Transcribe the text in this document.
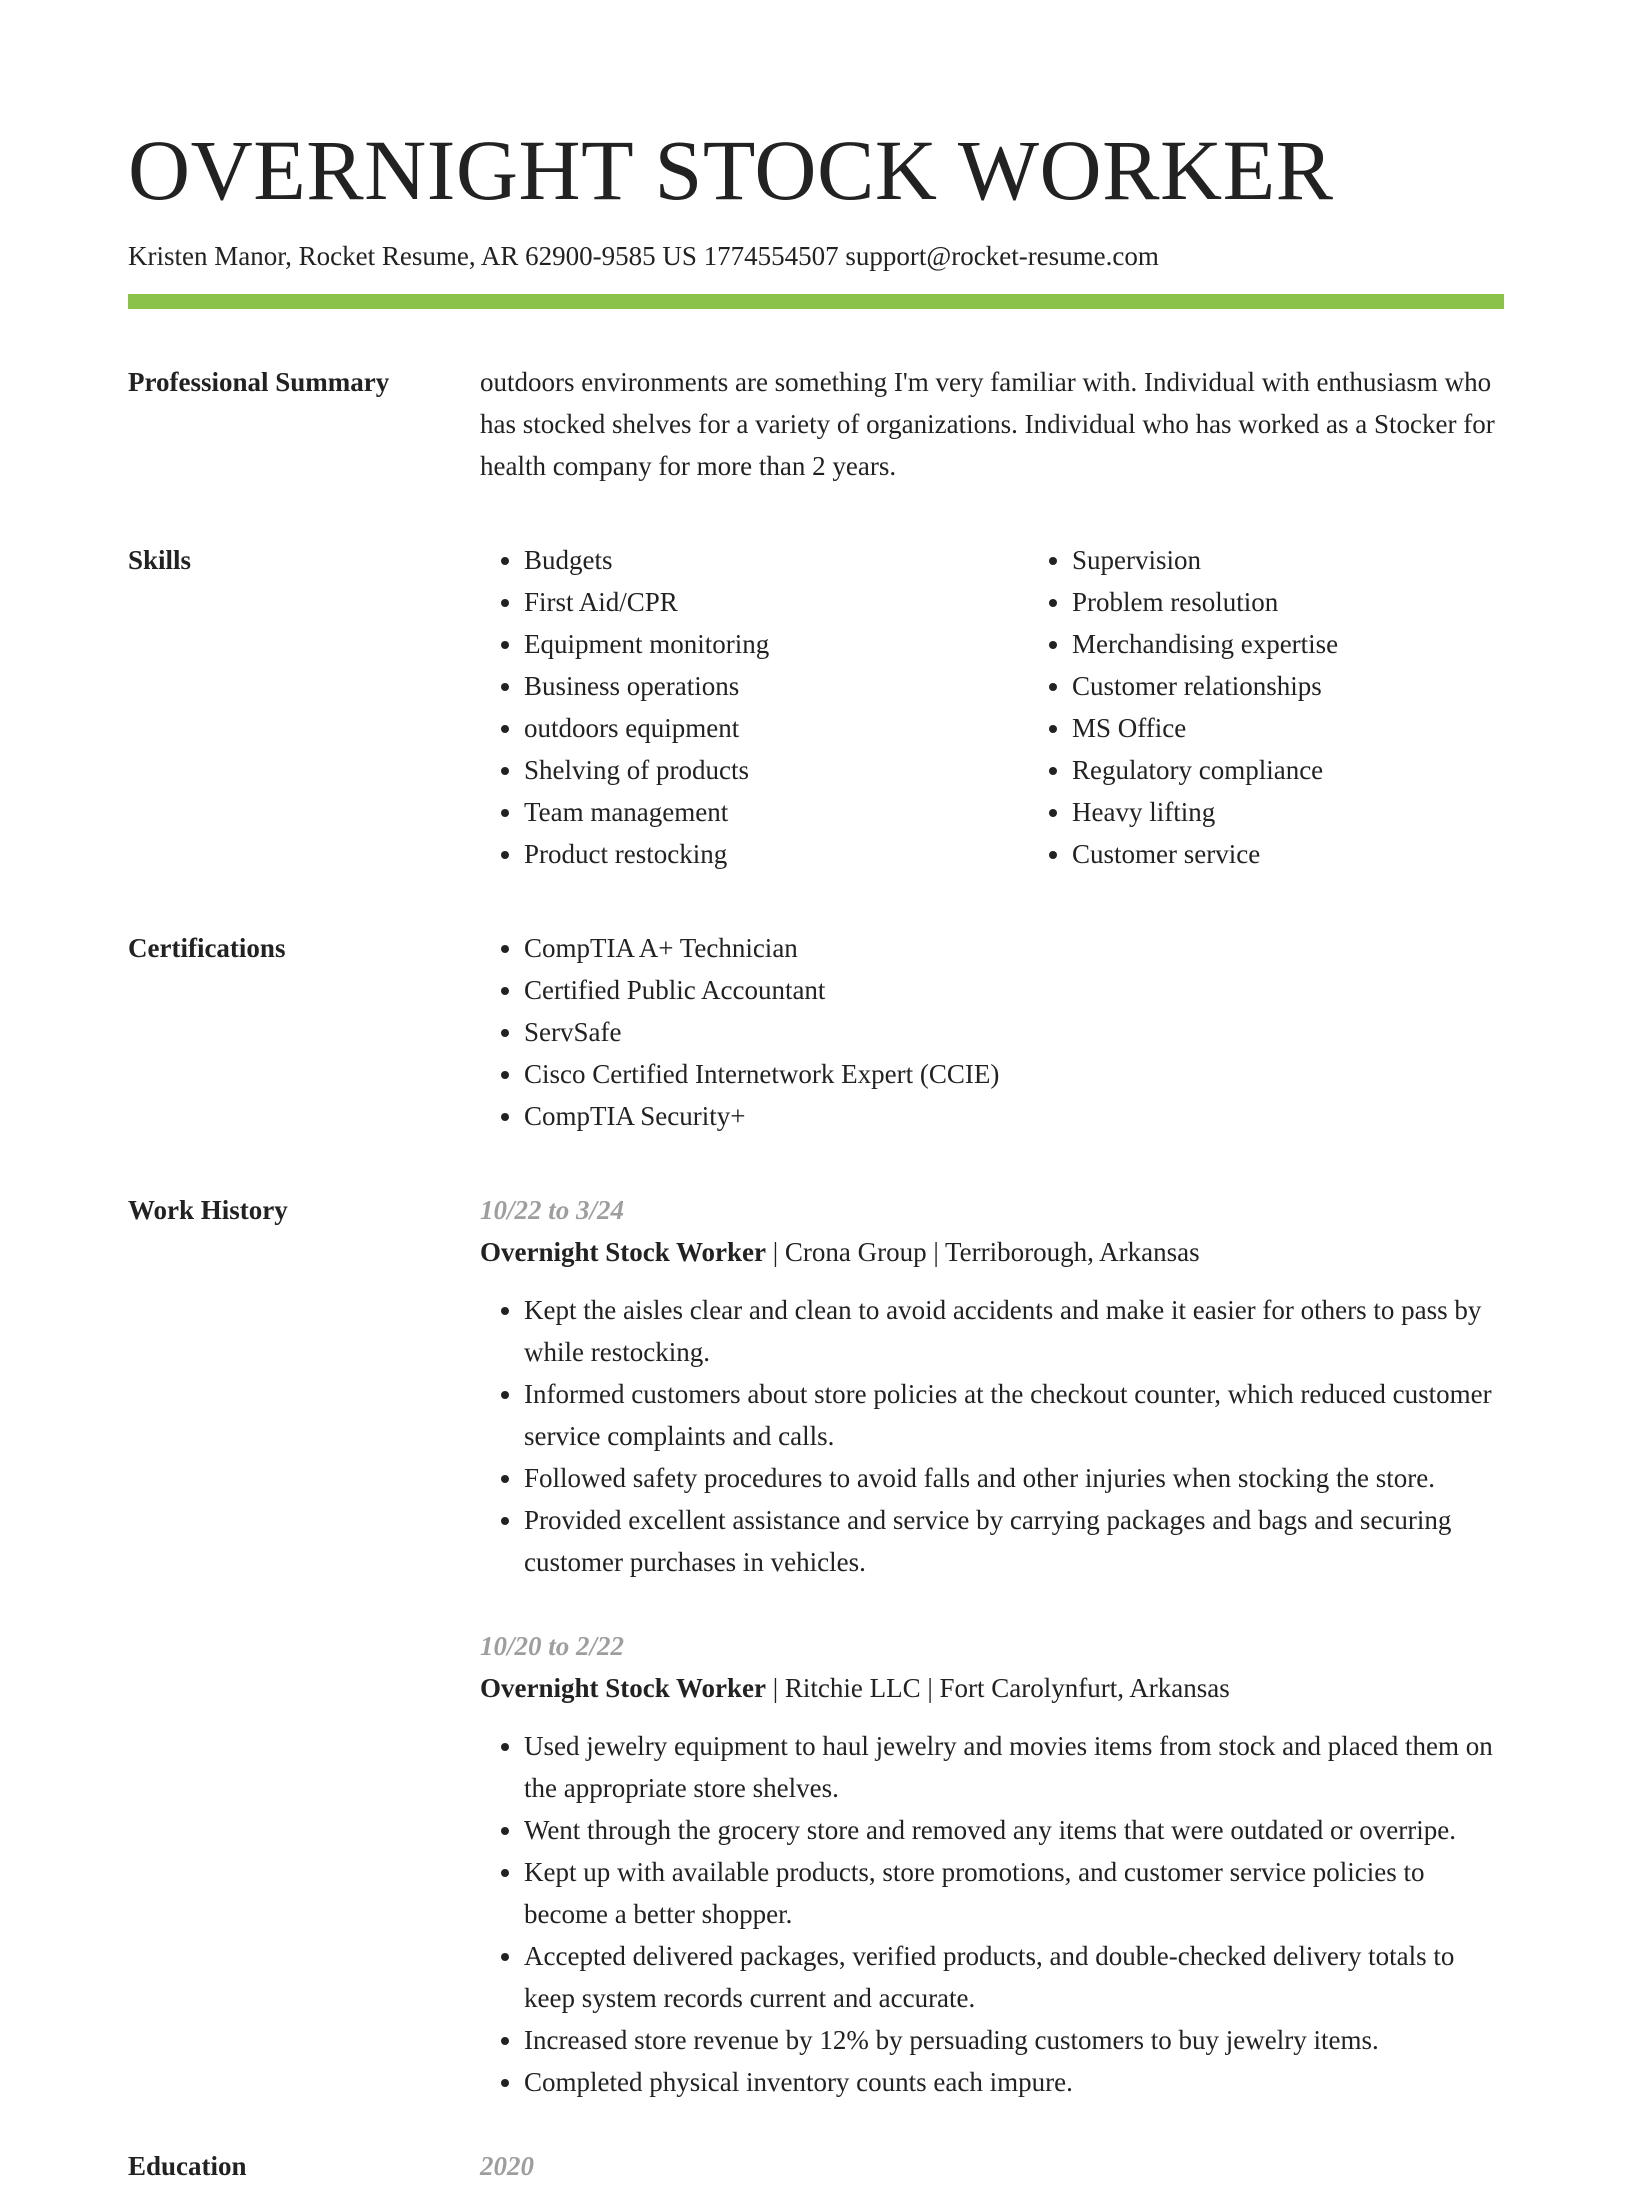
OVERNIGHT STOCK WORKER
Kristen Manor, Rocket Resume, AR 62900-9585 US 1774554507 support@rocket-resume.com
Professional Summary	outdoors environments are something I'm very familiar with. Individual with enthusiasm who has stocked shelves for a variety of organizations. Individual who has worked as a Stocker for health company for more than 2 years.

Skills	• Budgets
• First Aid/CPR
• Equipment monitoring
• Business operations
• outdoors equipment
• Shelving of products
• Team management
• Product restocking
• Supervision
• Problem resolution
• Merchandising expertise
• Customer relationships
• MS Office
• Regulatory compliance
• Heavy lifting
• Customer service
Certifications	• CompTIA A+ Technician
• Certified Public Accountant
• ServSafe
• Cisco Certified Internetwork Expert (CCIE)
• CompTIA Security+
Work History	10/22 to 3/24
Overnight Stock Worker | Crona Group | Terriborough, Arkansas
• Kept the aisles clear and clean to avoid accidents and make it easier for others to pass by while restocking.
• Informed customers about store policies at the checkout counter, which reduced customer service complaints and calls.
• Followed safety procedures to avoid falls and other injuries when stocking the store.
• Provided excellent assistance and service by carrying packages and bags and securing customer purchases in vehicles.
10/20 to 2/22
Overnight Stock Worker | Ritchie LLC | Fort Carolynfurt, Arkansas
• Used jewelry equipment to haul jewelry and movies items from stock and placed them on the appropriate store shelves.
• Went through the grocery store and removed any items that were outdated or overripe.
• Kept up with available products, store promotions, and customer service policies to become a better shopper.
• Accepted delivered packages, verified products, and double-checked delivery totals to keep system records current and accurate.
• Increased store revenue by 12% by persuading customers to buy jewelry items.
• Completed physical inventory counts each impure.
Education	2020
